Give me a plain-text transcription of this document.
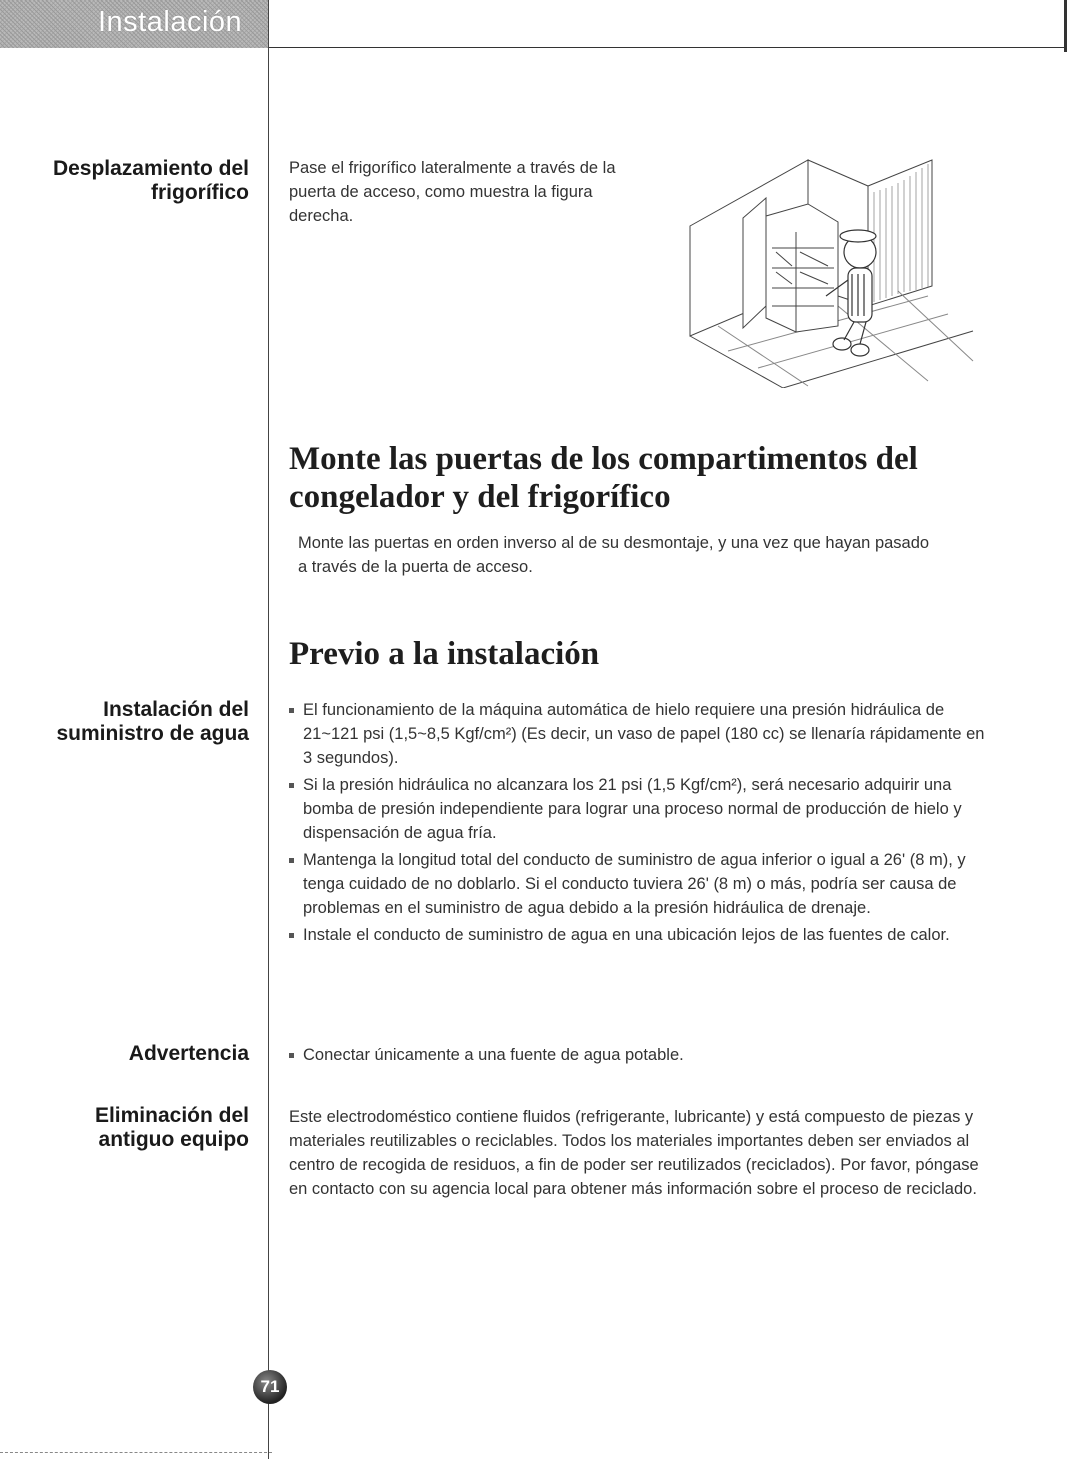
Instalación
Desplazamiento del frigorífico
Pase el frigorífico lateralmente a través de la puerta de acceso, como muestra la figura derecha.
Monte las puertas de los compartimentos del congelador y del frigorífico
Monte las puertas en orden inverso al de su desmontaje, y una vez que hayan pasado a través de la puerta de acceso.
Previo a la instalación
Instalación del suministro de agua
El funcionamiento de la máquina automática de hielo requiere una presión hidráulica de 21~121 psi (1,5~8,5 Kgf/cm²) (Es decir, un vaso de papel (180 cc) se llenaría rápidamente en 3 segundos).
Si la presión hidráulica no alcanzara los 21 psi (1,5 Kgf/cm²), será necesario adquirir una bomba de presión independiente para lograr una proceso normal de producción de hielo y dispensación de agua fría.
Mantenga la longitud total del conducto de suministro de agua inferior o igual a 26' (8 m), y tenga cuidado de no doblarlo. Si el conducto tuviera 26' (8 m) o más, podría ser causa de problemas en el suministro de agua debido a la presión hidráulica de drenaje.
Instale el conducto de suministro de agua en una ubicación lejos de las fuentes de calor.
Advertencia	Conectar únicamente a una fuente de agua potable.
Eliminación del antiguo equipo
Este electrodoméstico contiene fluidos (refrigerante, lubricante) y está compuesto de piezas y materiales reutilizables o reciclables. Todos los materiales importantes deben ser enviados al centro de recogida de residuos, a fin de poder ser reutilizados (reciclados). Por favor, póngase en contacto con su agencia local para obtener más información sobre el proceso de reciclado.
71
